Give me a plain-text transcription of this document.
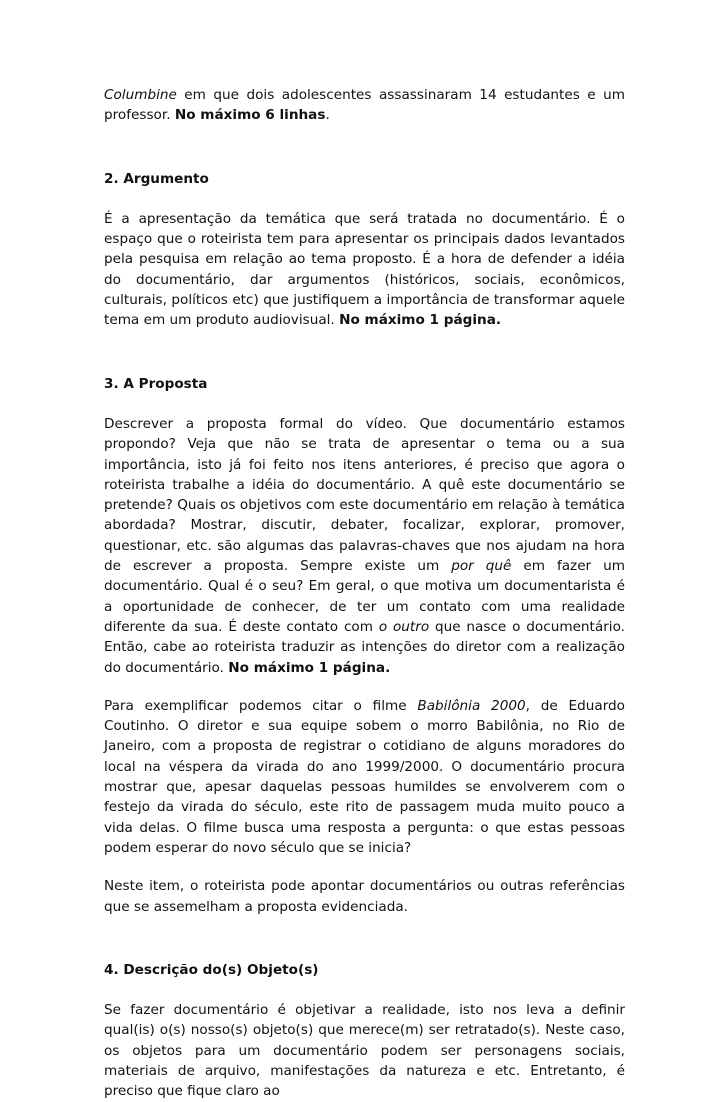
Columbine em que dois adolescentes assassinaram 14 estudantes e um professor. No máximo 6 linhas.

2. Argumento

É a apresentação da temática que será tratada no documentário. É o espaço que o roteirista tem para apresentar os principais dados levantados pela pesquisa em relação ao tema proposto. É a hora de defender a idéia do documentário, dar argumentos (históricos, sociais, econômicos, culturais, políticos etc) que justifiquem a importância de transformar aquele tema em um produto audiovisual. No máximo 1 página.

3. A Proposta

Descrever a proposta formal do vídeo. Que documentário estamos propondo? Veja que não se trata de apresentar o tema ou a sua importância, isto já foi feito nos itens anteriores, é preciso que agora o roteirista trabalhe a idéia do documentário. A quê este documentário se pretende? Quais os objetivos com este documentário em relação à temática abordada? Mostrar, discutir, debater, focalizar, explorar, promover, questionar, etc. são algumas das palavras-chaves que nos ajudam na hora de escrever a proposta. Sempre existe um por quê em fazer um documentário. Qual é o seu? Em geral, o que motiva um documentarista é a oportunidade de conhecer, de ter um contato com uma realidade diferente da sua. É deste contato com o outro que nasce o documentário. Então, cabe ao roteirista traduzir as intenções do diretor com a realização do documentário. No máximo 1 página.

Para exemplificar podemos citar o filme Babilônia 2000, de Eduardo Coutinho. O diretor e sua equipe sobem o morro Babilônia, no Rio de Janeiro, com a proposta de registrar o cotidiano de alguns moradores do local na véspera da virada do ano 1999/2000. O documentário procura mostrar que, apesar daquelas pessoas humildes se envolverem com o festejo da virada do século, este rito de passagem muda muito pouco a vida delas. O filme busca uma resposta a pergunta: o que estas pessoas podem esperar do novo século que se inicia?

Neste item, o roteirista pode apontar documentários ou outras referências que se assemelham a proposta evidenciada.

4. Descrição do(s) Objeto(s)

Se fazer documentário é objetivar a realidade, isto nos leva a definir qual(is) o(s) nosso(s) objeto(s) que merece(m) ser retratado(s). Neste caso, os objetos para um documentário podem ser personagens sociais, materiais de arquivo, manifestações da natureza e etc. Entretanto, é preciso que fique claro ao
